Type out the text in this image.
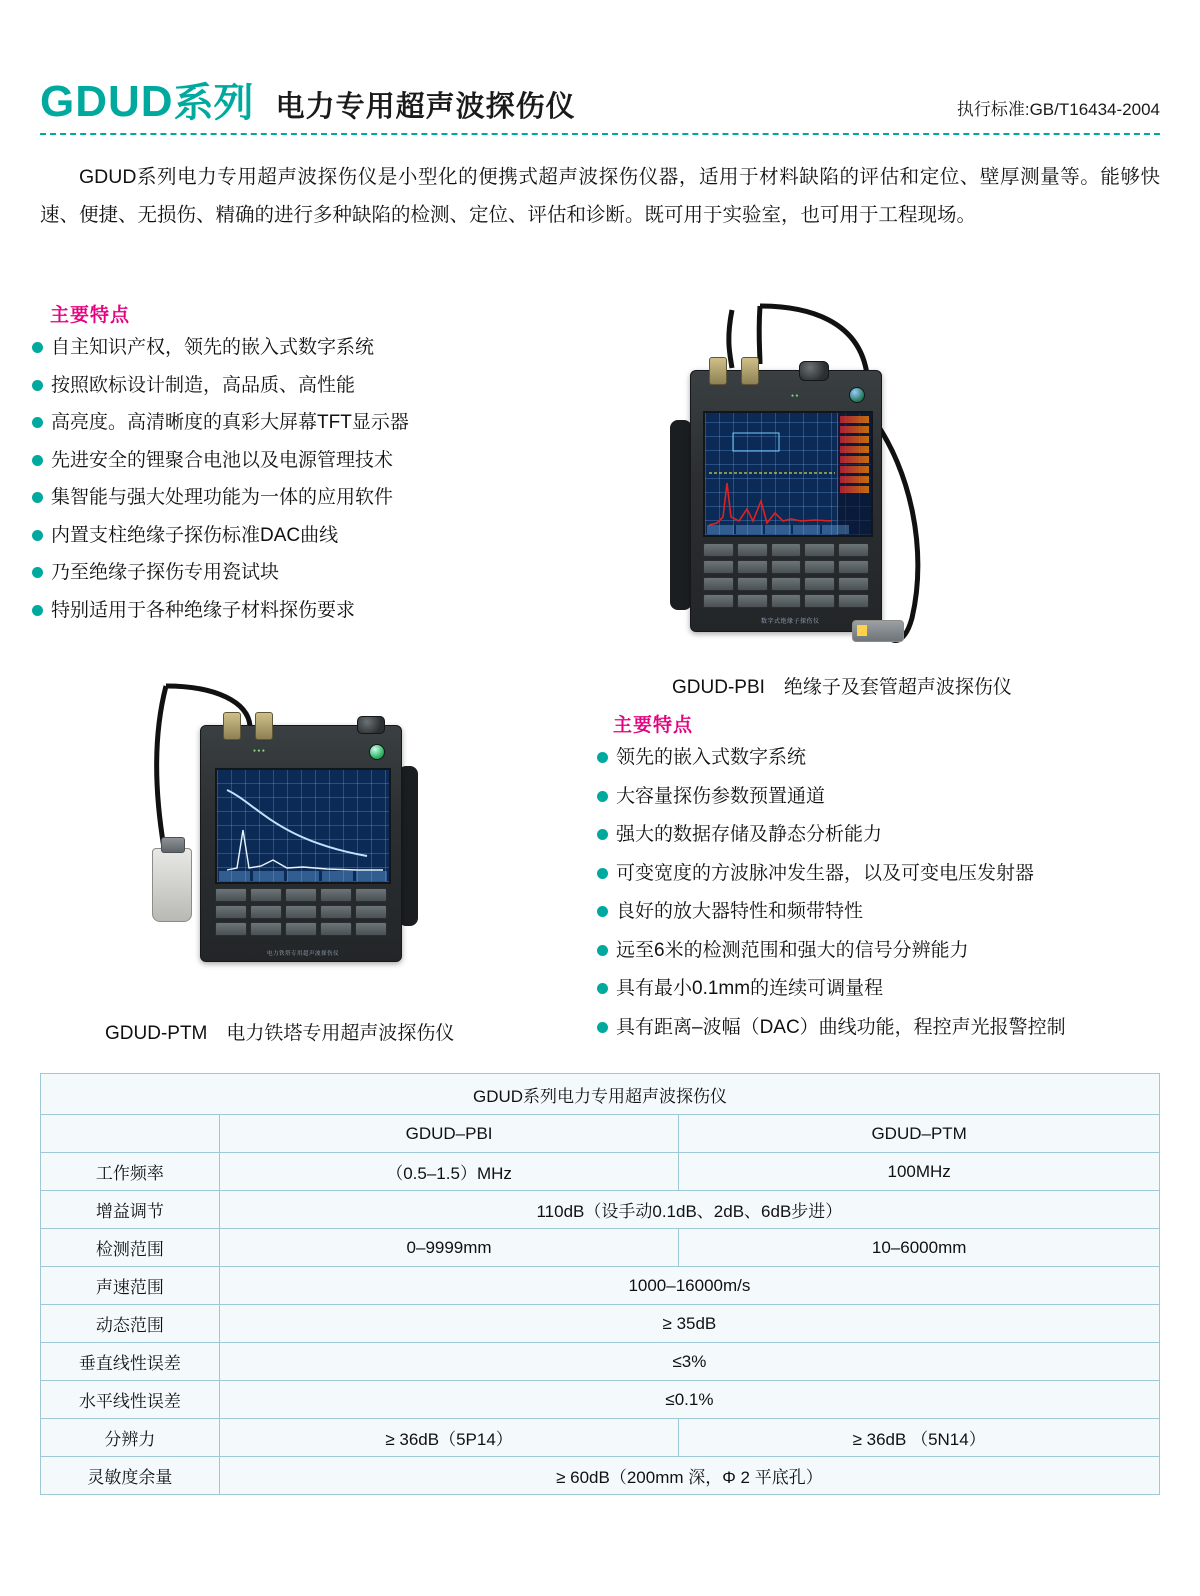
GDUD系列 电力专用超声波探伤仪	执行标准:GB/T16434-2004
GDUD系列电力专用超声波探伤仪是小型化的便携式超声波探伤仪器，适用于材料缺陷的评估和定位、壁厚测量等。能够快速、便捷、无损伤、精确的进行多种缺陷的检测、定位、评估和诊断。既可用于实验室，也可用于工程现场。
主要特点
自主知识产权，领先的嵌入式数字系统
按照欧标设计制造，高品质、高性能
高亮度。高清晰度的真彩大屏幕TFT显示器
先进安全的锂聚合电池以及电源管理技术
集智能与强大处理功能为一体的应用软件
内置支柱绝缘子探伤标准DAC曲线
乃至绝缘子探伤专用瓷试块
特别适用于各种绝缘子材料探伤要求
● ●
数字式绝缘子探伤仪
GDUD-PBI　绝缘子及套管超声波探伤仪
主要特点
领先的嵌入式数字系统
大容量探伤参数预置通道
强大的数据存储及静态分析能力
可变宽度的方波脉冲发生器，以及可变电压发射器
良好的放大器特性和频带特性
远至6米的检测范围和强大的信号分辨能力
具有最小0.1mm的连续可调量程
具有距离–波幅（DAC）曲线功能，程控声光报警控制
● ● ●
电力铁塔专用超声波探伤仪
GDUD-PTM　电力铁塔专用超声波探伤仪
GDUD系列电力专用超声波探伤仪		
	GDUD–PBI	GDUD–PTM
工作频率	（0.5–1.5）MHz	100MHz
增益调节	110dB（设手动0.1dB、2dB、6dB步进）	
检测范围	0–9999mm	10–6000mm
声速范围	1000–16000m/s	
动态范围	≥ 35dB	
垂直线性误差	≤3%	
水平线性误差	≤0.1%	
分辨力	≥ 36dB（5P14）	≥ 36dB （5N14）
灵敏度余量	≥ 60dB（200mm 深，Φ 2 平底孔）	
